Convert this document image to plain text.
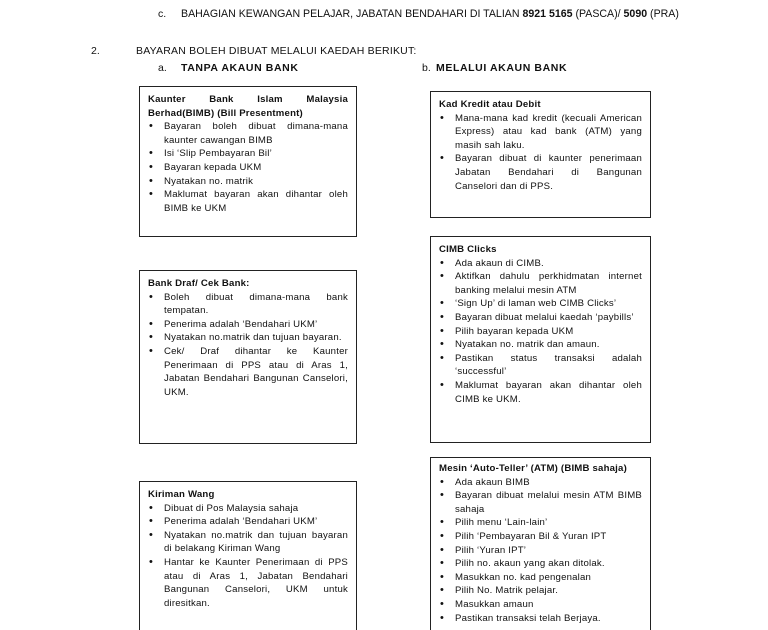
c. BAHAGIAN KEWANGAN PELAJAR, JABATAN BENDAHARI DI TALIAN 8921 5165 (PASCA)/ 5090 (PRA)
2.	BAYARAN BOLEH DIBUAT MELALUI KAEDAH BERIKUT:
a. TANPA AKAUN BANK	b. MELALUI AKAUN BANK
Kaunter Bank Islam Malaysia Berhad(BIMB) (Bill Presentment)
• Bayaran boleh dibuat dimana-mana kaunter cawangan BIMB
• Isi ‘Slip Pembayaran Bil’
• Bayaran kepada UKM
• Nyatakan no. matrik
• Maklumat bayaran akan dihantar oleh BIMB ke UKM
Bank Draf/ Cek Bank:
• Boleh dibuat dimana-mana bank tempatan.
• Penerima adalah ‘Bendahari UKM’
• Nyatakan no.matrik dan tujuan bayaran.
• Cek/ Draf dihantar ke Kaunter Penerimaan di PPS atau di Aras 1, Jabatan Bendahari Bangunan Canselori, UKM.
Kiriman Wang
• Dibuat di Pos Malaysia sahaja
• Penerima adalah ‘Bendahari UKM’
• Nyatakan no.matrik dan tujuan bayaran di belakang Kiriman Wang
• Hantar ke Kaunter Penerimaan di PPS atau di Aras 1, Jabatan Bendahari Bangunan Canselori, UKM untuk diresitkan.
Kad Kredit atau Debit
• Mana-mana kad kredit (kecuali American Express) atau kad bank (ATM) yang masih sah laku.
• Bayaran dibuat di kaunter penerimaan Jabatan Bendahari di Bangunan Canselori dan di PPS.
CIMB Clicks
• Ada akaun di CIMB.
• Aktifkan dahulu perkhidmatan internet banking melalui mesin ATM
• ‘Sign Up’ di laman web CIMB Clicks’
• Bayaran dibuat melalui kaedah ‘paybills’
• Pilih bayaran kepada UKM
• Nyatakan no. matrik dan amaun.
• Pastikan status transaksi adalah ‘successful’
• Maklumat bayaran akan dihantar oleh CIMB ke UKM.
Mesin ‘Auto-Teller’ (ATM) (BIMB sahaja)
• Ada akaun BIMB
• Bayaran dibuat melalui mesin ATM BIMB sahaja
• Pilih menu ‘Lain-lain’
• Pilih ‘Pembayaran Bil & Yuran IPT
• Pilih ‘Yuran IPT’
• Pilih no. akaun yang akan ditolak.
• Masukkan no. kad pengenalan
• Pilih No. Matrik pelajar.
• Masukkan amaun
• Pastikan transaksi telah Berjaya.
